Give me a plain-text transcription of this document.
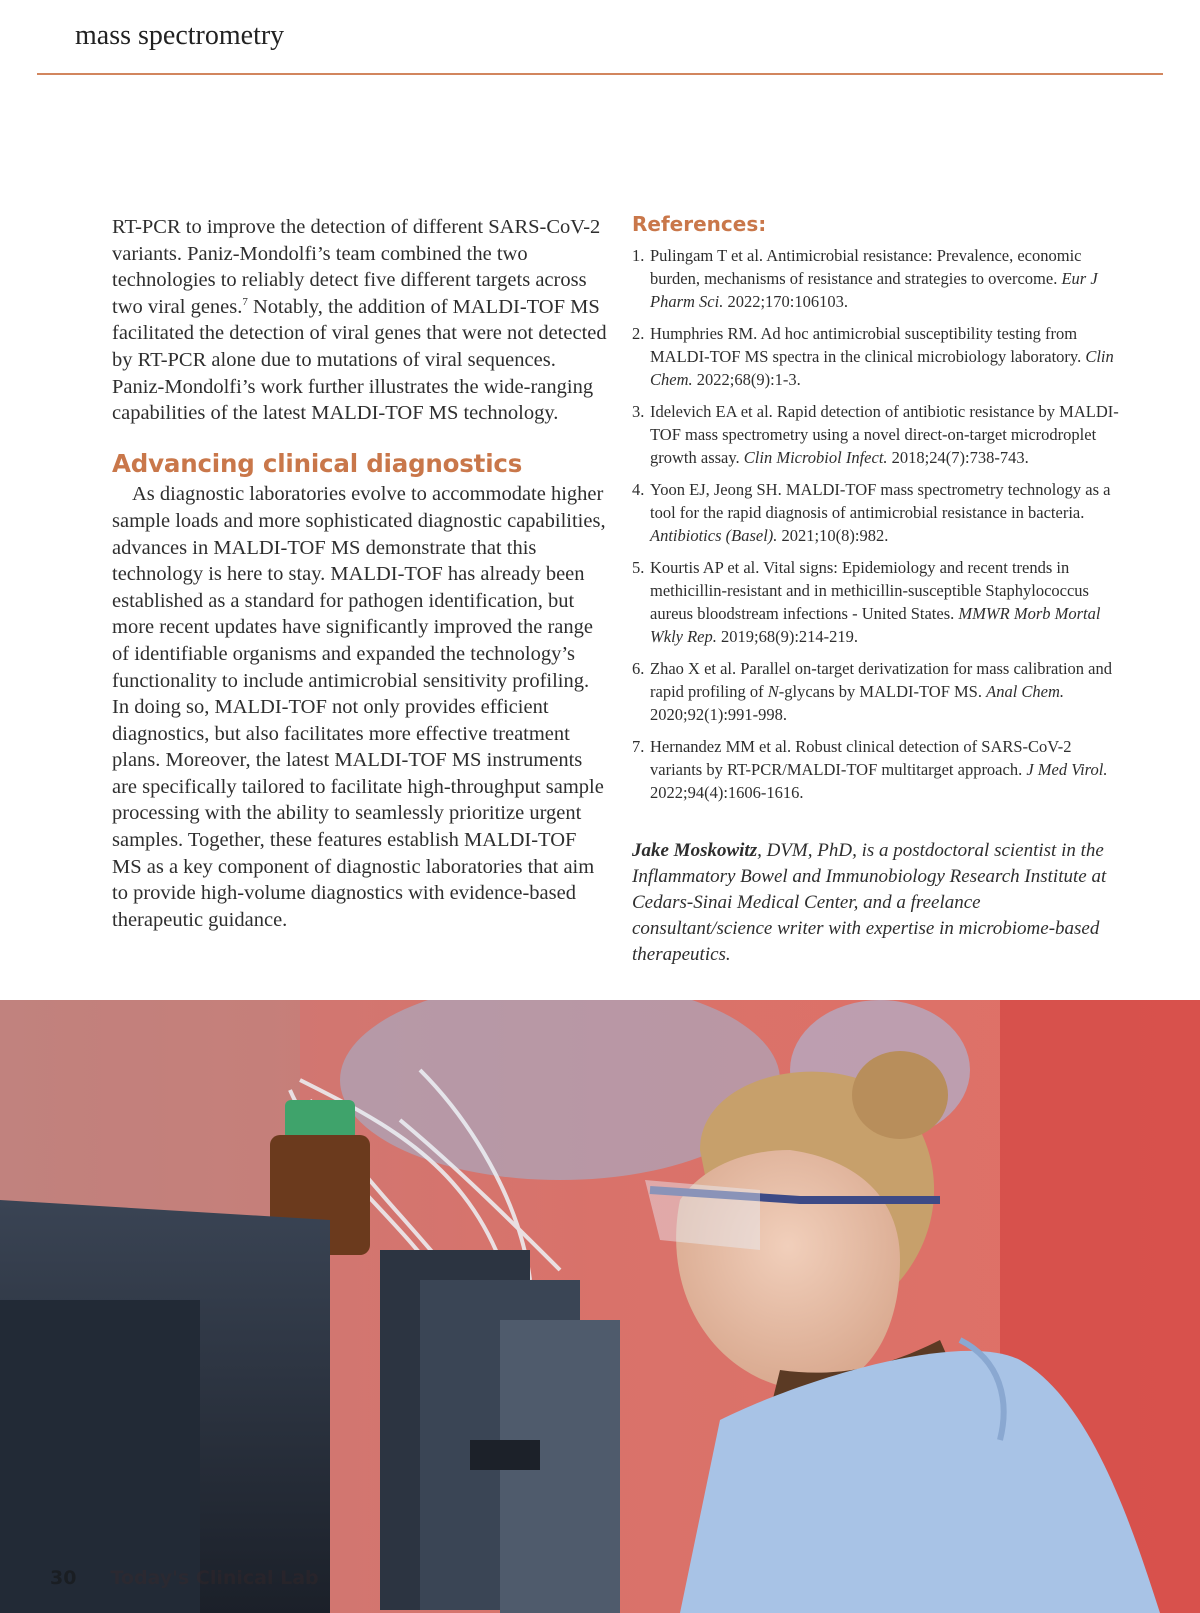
mass spectrometry

RT-PCR to improve the detection of different SARS-CoV-2 variants. Paniz-Mondolfi’s team combined the two technologies to reliably detect five different targets across two viral genes.$^7$ Notably, the addition of MALDI-TOF MS facilitated the detection of viral genes that were not detected by RT-PCR alone due to mutations of viral sequences. Paniz-Mondolfi’s work further illustrates the wide-ranging capabilities of the latest MALDI-TOF MS technology.

Advancing clinical diagnostics

As diagnostic laboratories evolve to accommodate higher sample loads and more sophisticated diagnostic capabilities, advances in MALDI-TOF MS demonstrate that this technology is here to stay. MALDI-TOF has already been established as a standard for pathogen identification, but more recent updates have significantly improved the range of identifiable organisms and expanded the technology’s functionality to include antimicrobial sensitivity profiling. In doing so, MALDI-TOF not only provides efficient diagnostics, but also facilitates more effective treatment plans. Moreover, the latest MALDI-TOF MS instruments are specifically tailored to facilitate high-throughput sample processing with the ability to seamlessly prioritize urgent samples. Together, these features establish MALDI-TOF MS as a key component of diagnostic laboratories that aim to provide high-volume diagnostics with evidence-based therapeutic guidance.

References:
1. Pulingam T et al. Antimicrobial resistance: Prevalence, economic burden, mechanisms of resistance and strategies to overcome. Eur J Pharm Sci. 2022;170:106103.
2. Humphries RM. Ad hoc antimicrobial susceptibility testing from MALDI-TOF MS spectra in the clinical microbiology laboratory. Clin Chem. 2022;68(9):1-3.
3. Idelevich EA et al. Rapid detection of antibiotic resistance by MALDI-TOF mass spectrometry using a novel direct-on-target microdroplet growth assay. Clin Microbiol Infect. 2018;24(7):738-743.
4. Yoon EJ, Jeong SH. MALDI-TOF mass spectrometry technology as a tool for the rapid diagnosis of antimicrobial resistance in bacteria. Antibiotics (Basel). 2021;10(8):982.
5. Kourtis AP et al. Vital signs: Epidemiology and recent trends in methicillin-resistant and in methicillin-susceptible Staphylococcus aureus bloodstream infections - United States. MMWR Morb Mortal Wkly Rep. 2019;68(9):214-219.
6. Zhao X et al. Parallel on-target derivatization for mass calibration and rapid profiling of N-glycans by MALDI-TOF MS. Anal Chem. 2020;92(1):991-998.
7. Hernandez MM et al. Robust clinical detection of SARS-CoV-2 variants by RT-PCR/MALDI-TOF multitarget approach. J Med Virol. 2022;94(4):1606-1616.

Jake Moskowitz, DVM, PhD, is a postdoctoral scientist in the Inflammatory Bowel and Immunobiology Research Institute at Cedars-Sinai Medical Center, and a freelance consultant/science writer with expertise in microbiome-based therapeutics.

30 Today's Clinical Lab
